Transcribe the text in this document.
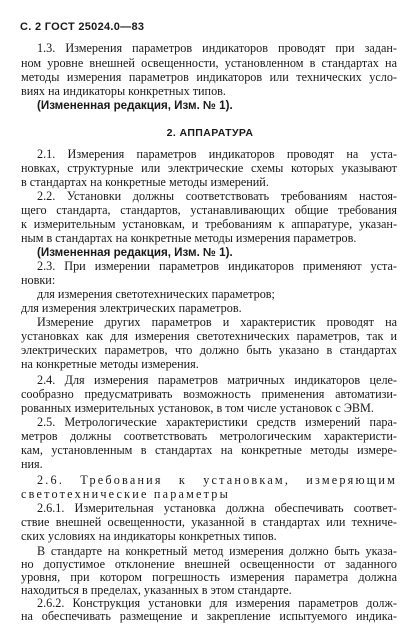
С. 2 ГОСТ 25024.0—83
1.3. Измерения параметров индикаторов проводят при задан-
ном уровне внешней освещенности, установленном в стандартах на
методы измерения параметров индикаторов или технических усло-
виях на индикаторы конкретных типов.
(Измененная редакция, Изм. № 1).
2. АППАРАТУРА
2.1. Измерения параметров индикаторов проводят на уста-
новках, структурные или электрические схемы которых указывают
в стандартах на конкретные методы измерений.
2.2. Установки должны соответствовать требованиям настоя-
щего стандарта, стандартов, устанавливающих общие требования
к измерительным установкам, и требованиям к аппаратуре, указан-
ным в стандартах на конкретные методы измерения параметров.
(Измененная редакция, Изм. № 1).
2.3. При измерении параметров индикаторов применяют уста-
новки:
для измерения светотехнических параметров;
для измерения электрических параметров.
Измерение других параметров и характеристик проводят на
установках как для измерения светотехнических параметров, так и
электрических параметров, что должно быть указано в стандартах
на конкретные методы измерения.
2.4. Для измерения параметров матричных индикаторов целе-
сообразно предусматривать возможность применения автоматизи-
рованных измерительных установок, в том числе установок с ЭВМ.
2.5. Метрологические характеристики средств измерений пара-
метров должны соответствовать метрологическим характеристи-
кам, установленным в стандартах на конкретные методы измере-
ния.
2.6. Требования к установкам, измеряющим
светотехнические параметры
2.6.1. Измерительная установка должна обеспечивать соответ-
ствие внешней освещенности, указанной в стандартах или техниче-
ских условиях на индикаторы конкретных типов.
В стандарте на конкретный метод измерения должно быть указа-
но допустимое отклонение внешней освещенности от заданного
уровня, при котором погрешность измерения параметра должна
находиться в пределах, указанных в этом стандарте.
2.6.2. Конструкция установки для измерения параметров долж-
на обеспечивать размещение и закрепление испытуемого индика-
